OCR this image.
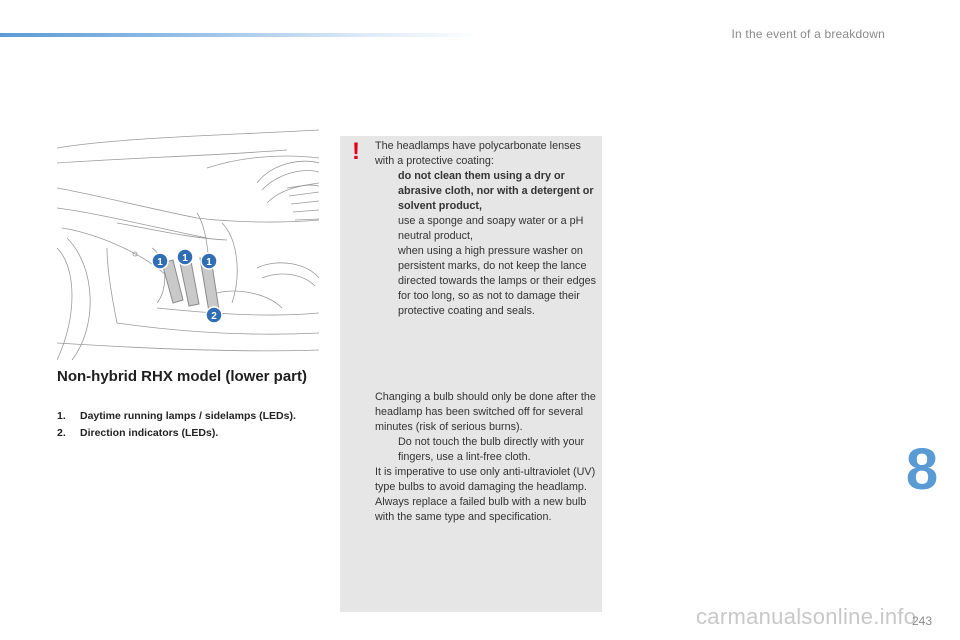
In the event of a breakdown
1 1 1
2
Non-hybrid RHX model (lower part)
1.	Daytime running lamps / sidelamps (LEDs).
2.	Direction indicators (LEDs).
! The headlamps have polycarbonate lenses with a protective coating:
do not clean them using a dry or abrasive cloth, nor with a detergent or solvent product,
use a sponge and soapy water or a pH neutral product,
when using a high pressure washer on persistent marks, do not keep the lance directed towards the lamps or their edges for too long, so as not to damage their protective coating and seals.
Changing a bulb should only be done after the headlamp has been switched off for several minutes (risk of serious burns).
Do not touch the bulb directly with your fingers, use a lint-free cloth.
It is imperative to use only anti-ultraviolet (UV) type bulbs to avoid damaging the headlamp.
Always replace a failed bulb with a new bulb with the same type and specification.
8
carmanualsonline.info
243
